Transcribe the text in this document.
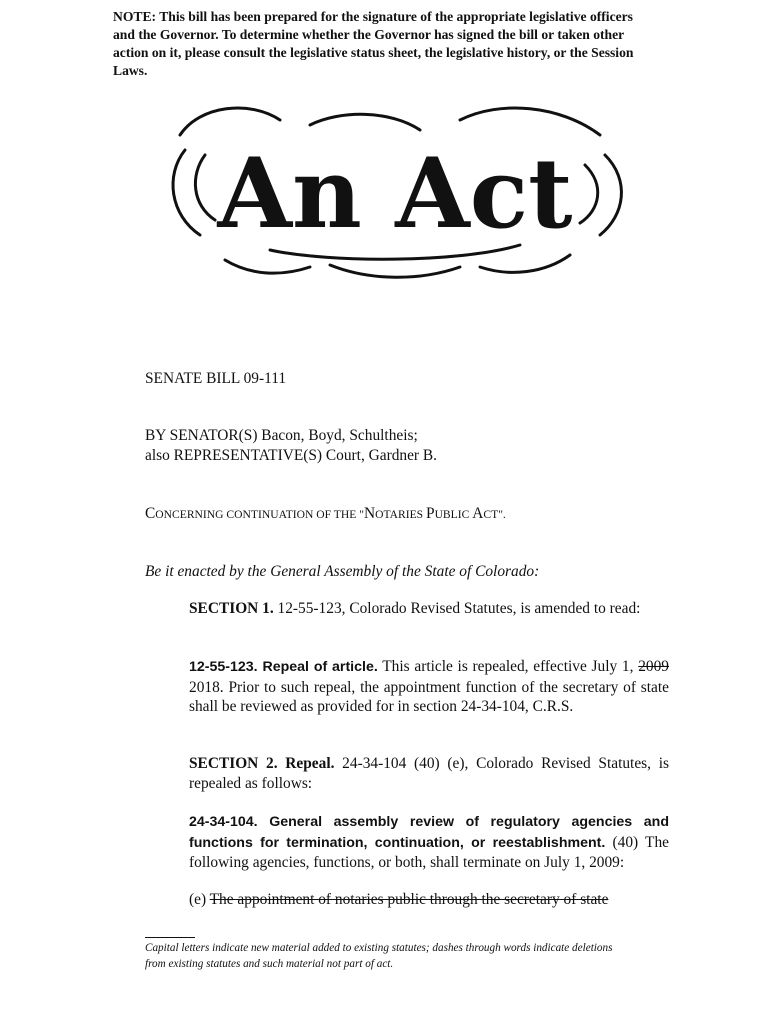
NOTE: This bill has been prepared for the signature of the appropriate legislative officers and the Governor. To determine whether the Governor has signed the bill or taken other action on it, please consult the legislative status sheet, the legislative history, or the Session Laws.
An Act
SENATE BILL 09-111
BY SENATOR(S) Bacon, Boyd, Schultheis;
also REPRESENTATIVE(S) Court, Gardner B.
CONCERNING CONTINUATION OF THE "NOTARIES PUBLIC ACT".
Be it enacted by the General Assembly of the State of Colorado:
SECTION 1. 12-55-123, Colorado Revised Statutes, is amended to read:
12-55-123. Repeal of article. This article is repealed, effective July 1, 2009 2018. Prior to such repeal, the appointment function of the secretary of state shall be reviewed as provided for in section 24-34-104, C.R.S.
SECTION 2. Repeal. 24-34-104 (40) (e), Colorado Revised Statutes, is repealed as follows:
24-34-104. General assembly review of regulatory agencies and functions for termination, continuation, or reestablishment. (40) The following agencies, functions, or both, shall terminate on July 1, 2009:
(e) The appointment of notaries public through the secretary of state
Capital letters indicate new material added to existing statutes; dashes through words indicate deletions from existing statutes and such material not part of act.
